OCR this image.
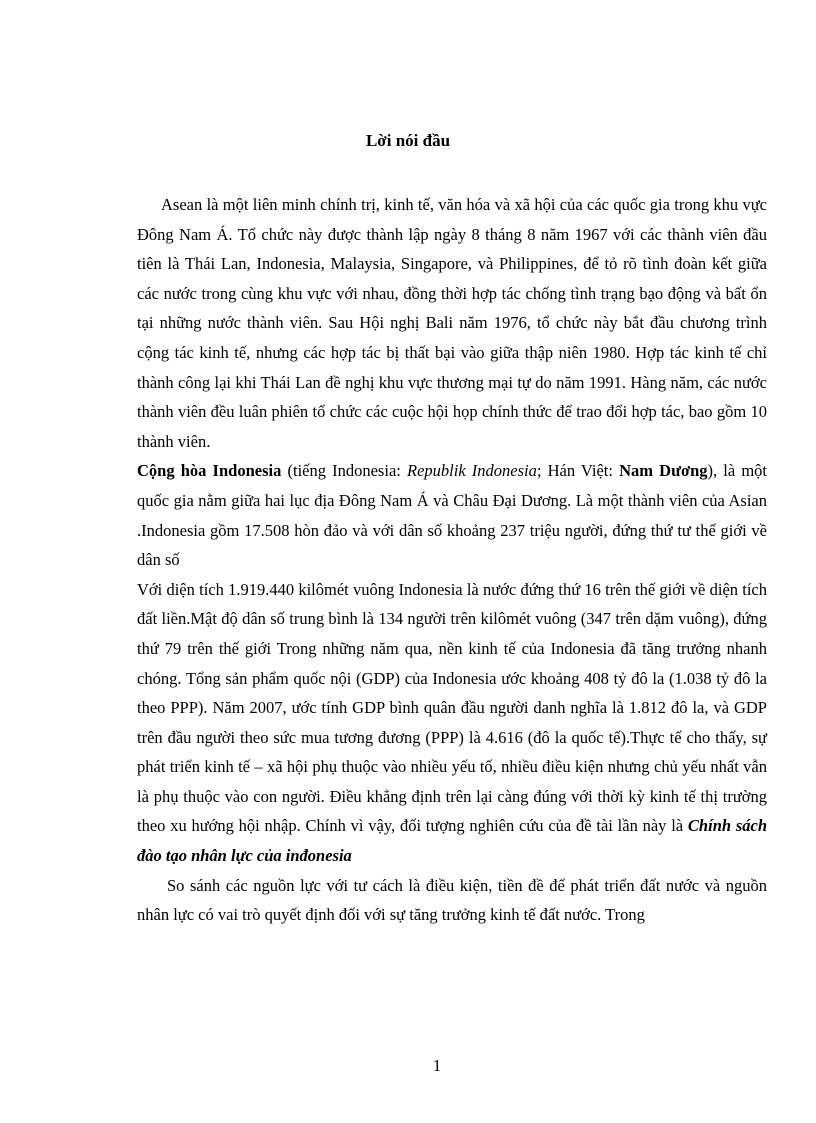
Lời nói đầu

Asean là một liên minh chính trị, kinh tế, văn hóa và xã hội của các quốc gia trong khu vực Đông Nam Á. Tổ chức này được thành lập ngày 8 tháng 8 năm 1967 với các thành viên đầu tiên là Thái Lan, Indonesia, Malaysia, Singapore, và Philippines, để tỏ rõ tình đoàn kết giữa các nước trong cùng khu vực với nhau, đồng thời hợp tác chống tình trạng bạo động và bất ổn tại những nước thành viên. Sau Hội nghị Bali năm 1976, tổ chức này bắt đầu chương trình cộng tác kinh tế, nhưng các hợp tác bị thất bại vào giữa thập niên 1980. Hợp tác kinh tế chỉ thành công lại khi Thái Lan đề nghị khu vực thương mại tự do năm 1991. Hàng năm, các nước thành viên đều luân phiên tổ chức các cuộc hội họp chính thức để trao đổi hợp tác, bao gồm 10 thành viên.

Cộng hòa Indonesia (tiếng Indonesia: Republik Indonesia; Hán Việt: Nam Dương), là một quốc gia nằm giữa hai lục địa Đông Nam Á và Châu Đại Dương. Là một thành viên của Asian .Indonesia gồm 17.508 hòn đảo và với dân số khoảng 237 triệu người, đứng thứ tư thế giới về dân số

Với diện tích 1.919.440 kilômét vuông Indonesia là nước đứng thứ 16 trên thế giới về diện tích đất liền.Mật độ dân số trung bình là 134 người trên kilômét vuông (347 trên dặm vuông), đứng thứ 79 trên thế giới Trong những năm qua, nền kinh tế của Indonesia đã tăng trưởng nhanh chóng. Tổng sản phẩm quốc nội (GDP) của Indonesia ước khoảng 408 tỷ đô la (1.038 tỷ đô la theo PPP). Năm 2007, ước tính GDP bình quân đầu người danh nghĩa là 1.812 đô la, và GDP trên đầu người theo sức mua tương đương (PPP) là 4.616 (đô la quốc tế).Thực tế cho thấy, sự phát triển kinh tế – xã hội phụ thuộc vào nhiều yếu tố, nhiều điều kiện nhưng chủ yếu nhất vẫn là phụ thuộc vào con người. Điều khẳng định trên lại càng đúng với thời kỳ kinh tế thị trường theo xu hướng hội nhập. Chính vì vậy, đối tượng nghiên cứu của đề tài lần này là Chính sách đào tạo nhân lực của inđonesia

So sánh các nguồn lực với tư cách là điều kiện, tiền đề để phát triển đất nước và nguồn nhân lực có vai trò quyết định đối với sự tăng trưởng kinh tế đất nước. Trong

1
